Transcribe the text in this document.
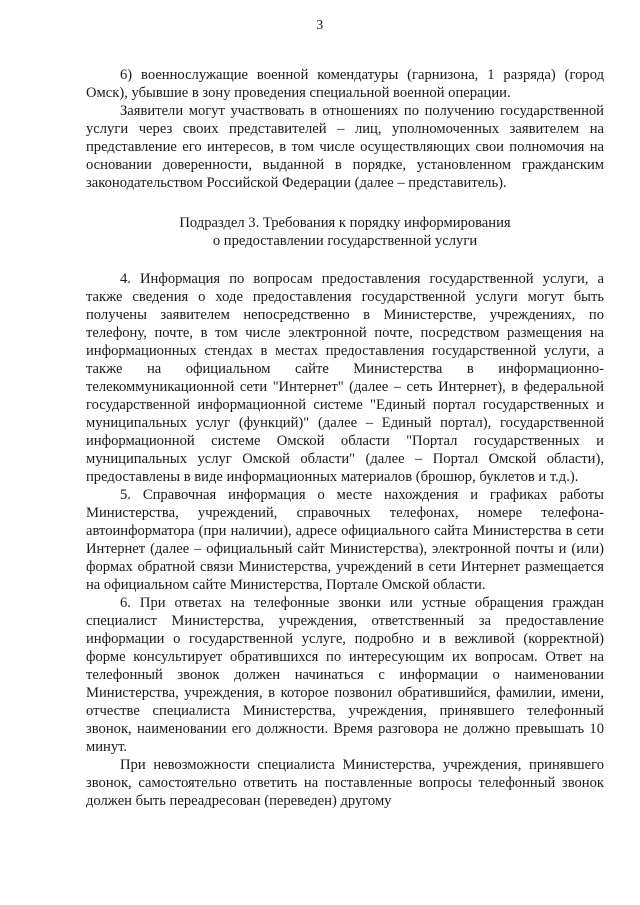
3

6) военнослужащие военной комендатуры (гарнизона, 1 разряда) (город Омск), убывшие в зону проведения специальной военной операции.

Заявители могут участвовать в отношениях по получению государственной услуги через своих представителей – лиц, уполномоченных заявителем на представление его интересов, в том числе осуществляющих свои полномочия на основании доверенности, выданной в порядке, установленном гражданским законодательством Российской Федерации (далее – представитель).

Подраздел 3. Требования к порядку информирования
о предоставлении государственной услуги

4. Информация по вопросам предоставления государственной услуги, а также сведения о ходе предоставления государственной услуги могут быть получены заявителем непосредственно в Министерстве, учреждениях, по телефону, почте, в том числе электронной почте, посредством размещения на информационных стендах в местах предоставления государственной услуги, а также на официальном сайте Министерства в информационно-телекоммуникационной сети "Интернет" (далее – сеть Интернет), в федеральной государственной информационной системе "Единый портал государственных и муниципальных услуг (функций)" (далее – Единый портал), государственной информационной системе Омской области "Портал государственных и муниципальных услуг Омской области" (далее – Портал Омской области), предоставлены в виде информационных материалов (брошюр, буклетов и т.д.).

5. Справочная информация о месте нахождения и графиках работы Министерства, учреждений, справочных телефонах, номере телефона-автоинформатора (при наличии), адресе официального сайта Министерства в сети Интернет (далее – официальный сайт Министерства), электронной почты и (или) формах обратной связи Министерства, учреждений в сети Интернет размещается на официальном сайте Министерства, Портале Омской области.

6. При ответах на телефонные звонки или устные обращения граждан специалист Министерства, учреждения, ответственный за предоставление информации о государственной услуге, подробно и в вежливой (корректной) форме консультирует обратившихся по интересующим их вопросам. Ответ на телефонный звонок должен начинаться с информации о наименовании Министерства, учреждения, в которое позвонил обратившийся, фамилии, имени, отчестве специалиста Министерства, учреждения, принявшего телефонный звонок, наименовании его должности. Время разговора не должно превышать 10 минут.

При невозможности специалиста Министерства, учреждения, принявшего звонок, самостоятельно ответить на поставленные вопросы телефонный звонок должен быть переадресован (переведен) другому
